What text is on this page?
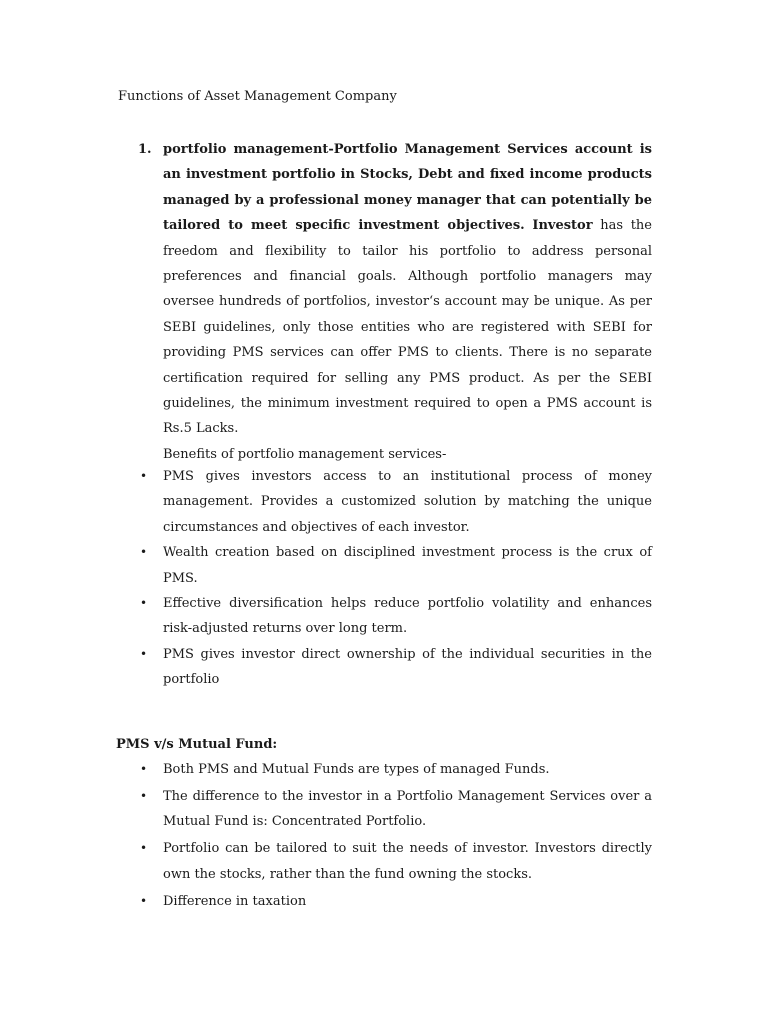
Functions of Asset Management Company
1. portfolio management-Portfolio Management Services account is an investment portfolio in Stocks, Debt and fixed income products managed by a professional money manager that can potentially be tailored to meet specific investment objectives. Investor has the freedom and flexibility to tailor his portfolio to address personal preferences and financial goals. Although portfolio managers may oversee hundreds of portfolios, investor‘s account may be unique. As per SEBI guidelines, only those entities who are registered with SEBI for providing PMS services can offer PMS to clients. There is no separate certification required for selling any PMS product. As per the SEBI guidelines, the minimum investment required to open a PMS account is Rs.5 Lacks.
Benefits of portfolio management services-
• PMS gives investors access to an institutional process of money management. Provides a customized solution by matching the unique circumstances and objectives of each investor.
• Wealth creation based on disciplined investment process is the crux of PMS.
• Effective diversification helps reduce portfolio volatility and enhances risk-adjusted returns over long term.
• PMS gives investor direct ownership of the individual securities in the portfolio
PMS v/s Mutual Fund:
• Both PMS and Mutual Funds are types of managed Funds.
• The difference to the investor in a Portfolio Management Services over a Mutual Fund is: Concentrated Portfolio.
• Portfolio can be tailored to suit the needs of investor. Investors directly own the stocks, rather than the fund owning the stocks.
• Difference in taxation
